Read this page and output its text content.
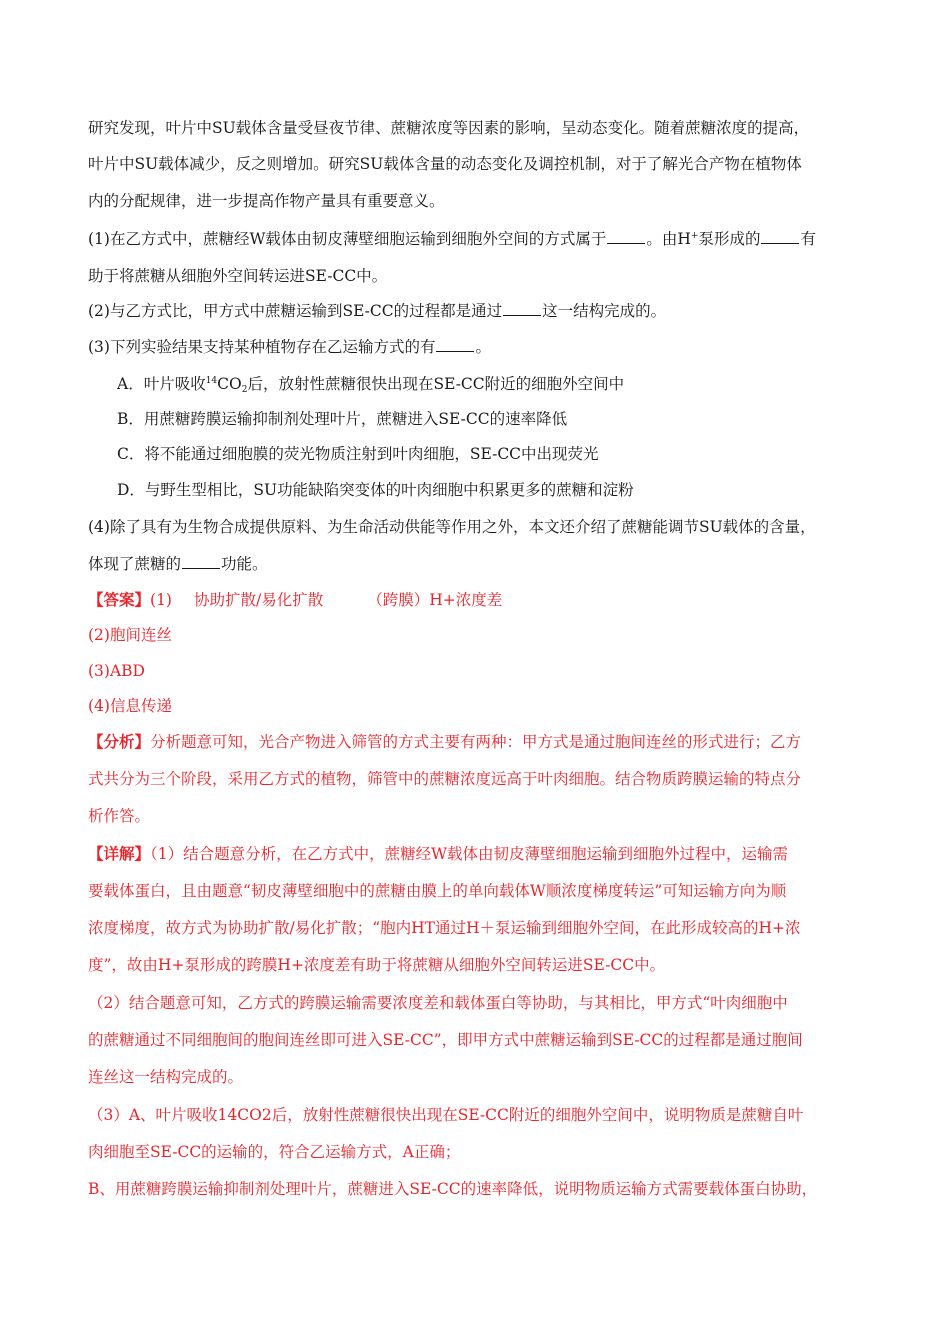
研究发现，叶片中SU载体含量受昼夜节律、蔗糖浓度等因素的影响，呈动态变化。随着蔗糖浓度的提高，
叶片中SU载体减少，反之则增加。研究SU载体含量的动态变化及调控机制，对于了解光合产物在植物体
内的分配规律，进一步提高作物产量具有重要意义。
(1)在乙方式中，蔗糖经W载体由韧皮薄壁细胞运输到细胞外空间的方式属于	。由H+泵形成的	有
助于将蔗糖从细胞外空间转运进SE-CC中。
(2)与乙方式比，甲方式中蔗糖运输到SE-CC的过程都是通过	这一结构完成的。
(3)下列实验结果支持某种植物存在乙运输方式的有	。
A．叶片吸收$^{14}CO_2$后，放射性蔗糖很快出现在SE-CC附近的细胞外空间中
B．用蔗糖跨膜运输抑制剂处理叶片，蔗糖进入SE-CC的速率降低
C．将不能通过细胞膜的荧光物质注射到叶肉细胞，SE-CC中出现荧光
D．与野生型相比，SU功能缺陷突变体的叶肉细胞中积累更多的蔗糖和淀粉
(4)除了具有为生物合成提供原料、为生命活动供能等作用之外，本文还介绍了蔗糖能调节SU载体的含量，
体现了蔗糖的	功能。
【答案】(1) 协助扩散/易化扩散	（跨膜）H+浓度差
(2)胞间连丝
(3)ABD
(4)信息传递
【分析】分析题意可知，光合产物进入筛管的方式主要有两种：甲方式是通过胞间连丝的形式进行；乙方
式共分为三个阶段，采用乙方式的植物，筛管中的蔗糖浓度远高于叶肉细胞。结合物质跨膜运输的特点分
析作答。
【详解】（1）结合题意分析，在乙方式中，蔗糖经W载体由韧皮薄壁细胞运输到细胞外过程中，运输需
要载体蛋白，且由题意“韧皮薄壁细胞中的蔗糖由膜上的单向载体W顺浓度梯度转运”可知运输方向为顺
浓度梯度，故方式为协助扩散/易化扩散；“胞内HT通过H＋泵运输到细胞外空间，在此形成较高的H+浓
度”，故由H+泵形成的跨膜H+浓度差有助于将蔗糖从细胞外空间转运进SE-CC中。
（2）结合题意可知，乙方式的跨膜运输需要浓度差和载体蛋白等协助，与其相比，甲方式“叶肉细胞中
的蔗糖通过不同细胞间的胞间连丝即可进入SE-CC”，即甲方式中蔗糖运输到SE-CC的过程都是通过胞间
连丝这一结构完成的。
（3）A、叶片吸收14CO2后，放射性蔗糖很快出现在SE-CC附近的细胞外空间中，说明物质是蔗糖自叶
肉细胞至SE-CC的运输的，符合乙运输方式，A正确；
B、用蔗糖跨膜运输抑制剂处理叶片，蔗糖进入SE-CC的速率降低，说明物质运输方式需要载体蛋白协助，
